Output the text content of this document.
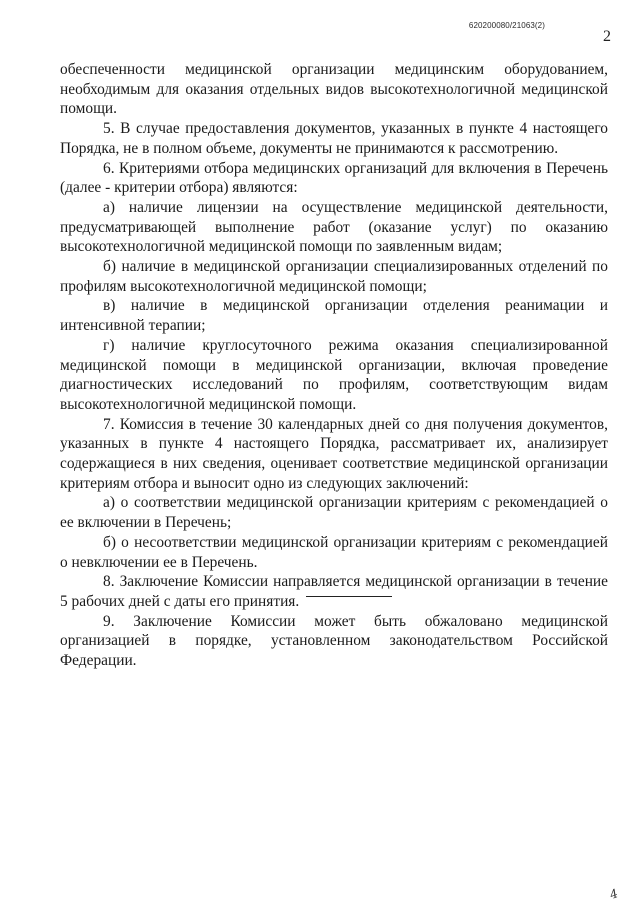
620200080/21063(2)
2

обеспеченности медицинской организации медицинским оборудованием, необходимым для оказания отдельных видов высокотехнологичной медицинской помощи.

5. В случае предоставления документов, указанных в пункте 4 настоящего Порядка, не в полном объеме, документы не принимаются к рассмотрению.

6. Критериями отбора медицинских организаций для включения в Перечень (далее - критерии отбора) являются:

а) наличие лицензии на осуществление медицинской деятельности, предусматривающей выполнение работ (оказание услуг) по оказанию высокотехнологичной медицинской помощи по заявленным видам;

б) наличие в медицинской организации специализированных отделений по профилям высокотехнологичной медицинской помощи;

в) наличие в медицинской организации отделения реанимации и интенсивной терапии;

г) наличие круглосуточного режима оказания специализированной медицинской помощи в медицинской организации, включая проведение диагностических исследований по профилям, соответствующим видам высокотехнологичной медицинской помощи.

7. Комиссия в течение 30 календарных дней со дня получения документов, указанных в пункте 4 настоящего Порядка, рассматривает их, анализирует содержащиеся в них сведения, оценивает соответствие медицинской организации критериям отбора и выносит одно из следующих заключений:

а) о соответствии медицинской организации критериям с рекомендацией о ее включении в Перечень;

б) о несоответствии медицинской организации критериям с рекомендацией о невключении ее в Перечень.

8. Заключение Комиссии направляется медицинской организации в течение 5 рабочих дней с даты его принятия.

9. Заключение Комиссии может быть обжаловано медицинской организацией в порядке, установленном законодательством Российской Федерации.

4
